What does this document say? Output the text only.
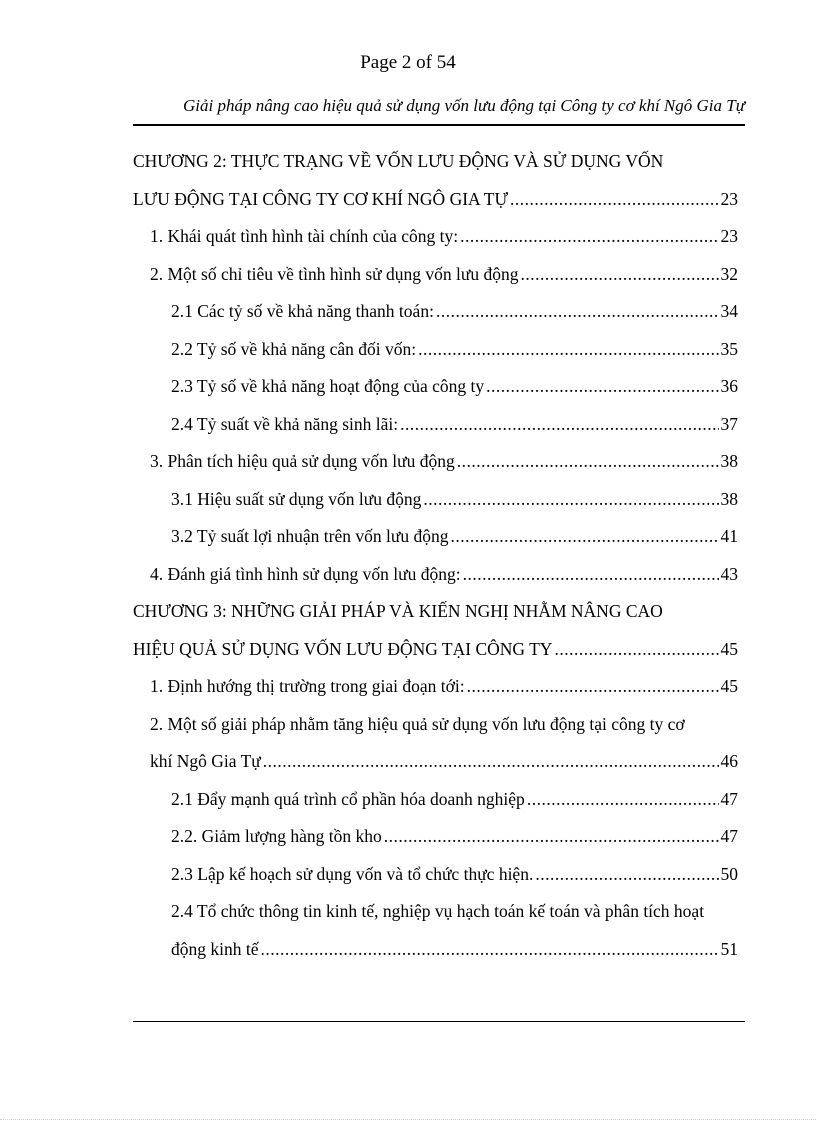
Page 2 of 54
Giải pháp nâng cao hiệu quả sử dụng vốn lưu động tại Công ty cơ khí Ngô Gia Tự
CHƯƠNG 2: THỰC TRẠNG VỀ VỐN LƯU ĐỘNG VÀ SỬ DỤNG VỐN
LƯU ĐỘNG TẠI CÔNG TY CƠ KHÍ NGÔ GIA TỰ .....	23
1. Khái quát tình hình tài chính của công ty: .....	23
2. Một số chỉ tiêu về tình hình sử dụng vốn lưu động .....	32
2.1 Các tỷ số về khả năng thanh toán: .....	34
2.2 Tỷ số về khả năng cân đối vốn: .....	35
2.3 Tỷ số về khả năng hoạt động của công ty .....	36
2.4 Tỷ suất về khả năng sinh lãi: .....	37
3. Phân tích hiệu quả sử dụng vốn lưu động .....	38
3.1 Hiệu suất sử dụng vốn lưu động .....	38
3.2 Tỷ suất lợi nhuận trên vốn lưu động .....	41
4. Đánh giá tình hình sử dụng vốn lưu động: .....	43
CHƯƠNG 3: NHỮNG GIẢI PHÁP VÀ KIẾN NGHỊ NHẰM NÂNG CAO
HIỆU QUẢ SỬ DỤNG VỐN LƯU ĐỘNG TẠI CÔNG TY .....	45
1. Định hướng thị trường trong giai đoạn tới: .....	45
2. Một số giải pháp nhằm tăng hiệu quả sử dụng vốn lưu động tại công ty cơ
khí Ngô Gia Tự .....	46
2.1 Đẩy mạnh quá trình cổ phần hóa doanh nghiệp .....	47
2.2. Giảm lượng hàng tồn kho .....	47
2.3 Lập kế hoạch sử dụng vốn và tổ chức thực hiện. .....	50
2.4 Tổ chức thông tin kinh tế, nghiệp vụ hạch toán kế toán và phân tích hoạt
động kinh tế .....	51
